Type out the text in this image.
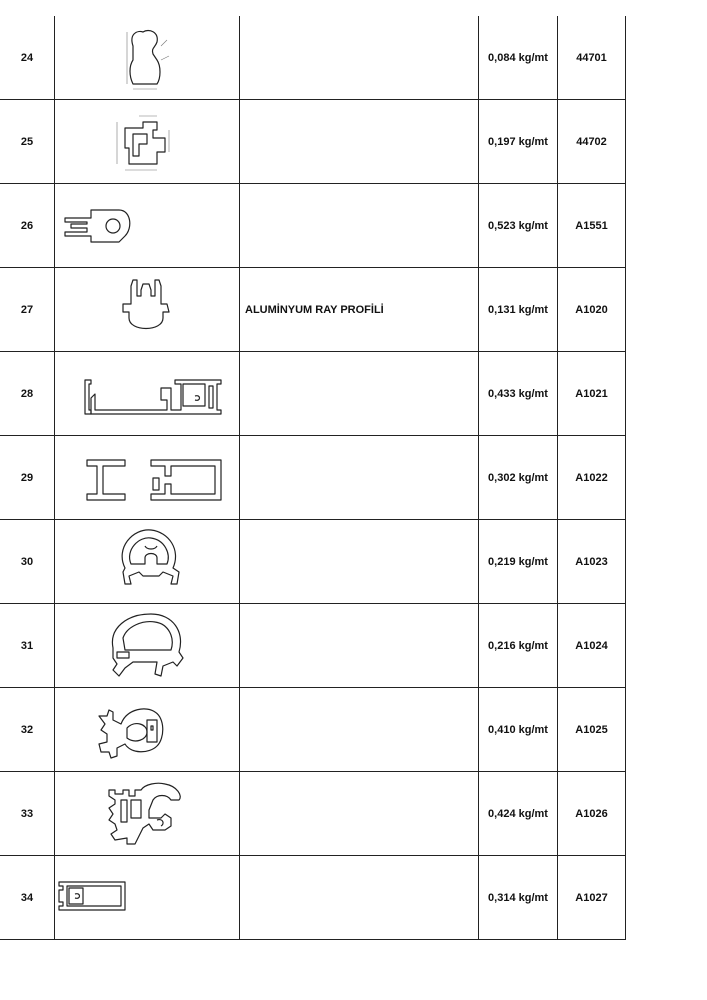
24			0,084 kg/mt	44701
25			0,197 kg/mt	44702
26			0,523 kg/mt	A1551
27		ALUMİNYUM RAY PROFİLİ	0,131 kg/mt	A1020
28			0,433 kg/mt	A1021
29			0,302 kg/mt	A1022
30			0,219 kg/mt	A1023
31			0,216 kg/mt	A1024
32			0,410 kg/mt	A1025
33			0,424 kg/mt	A1026
34			0,314 kg/mt	A1027
